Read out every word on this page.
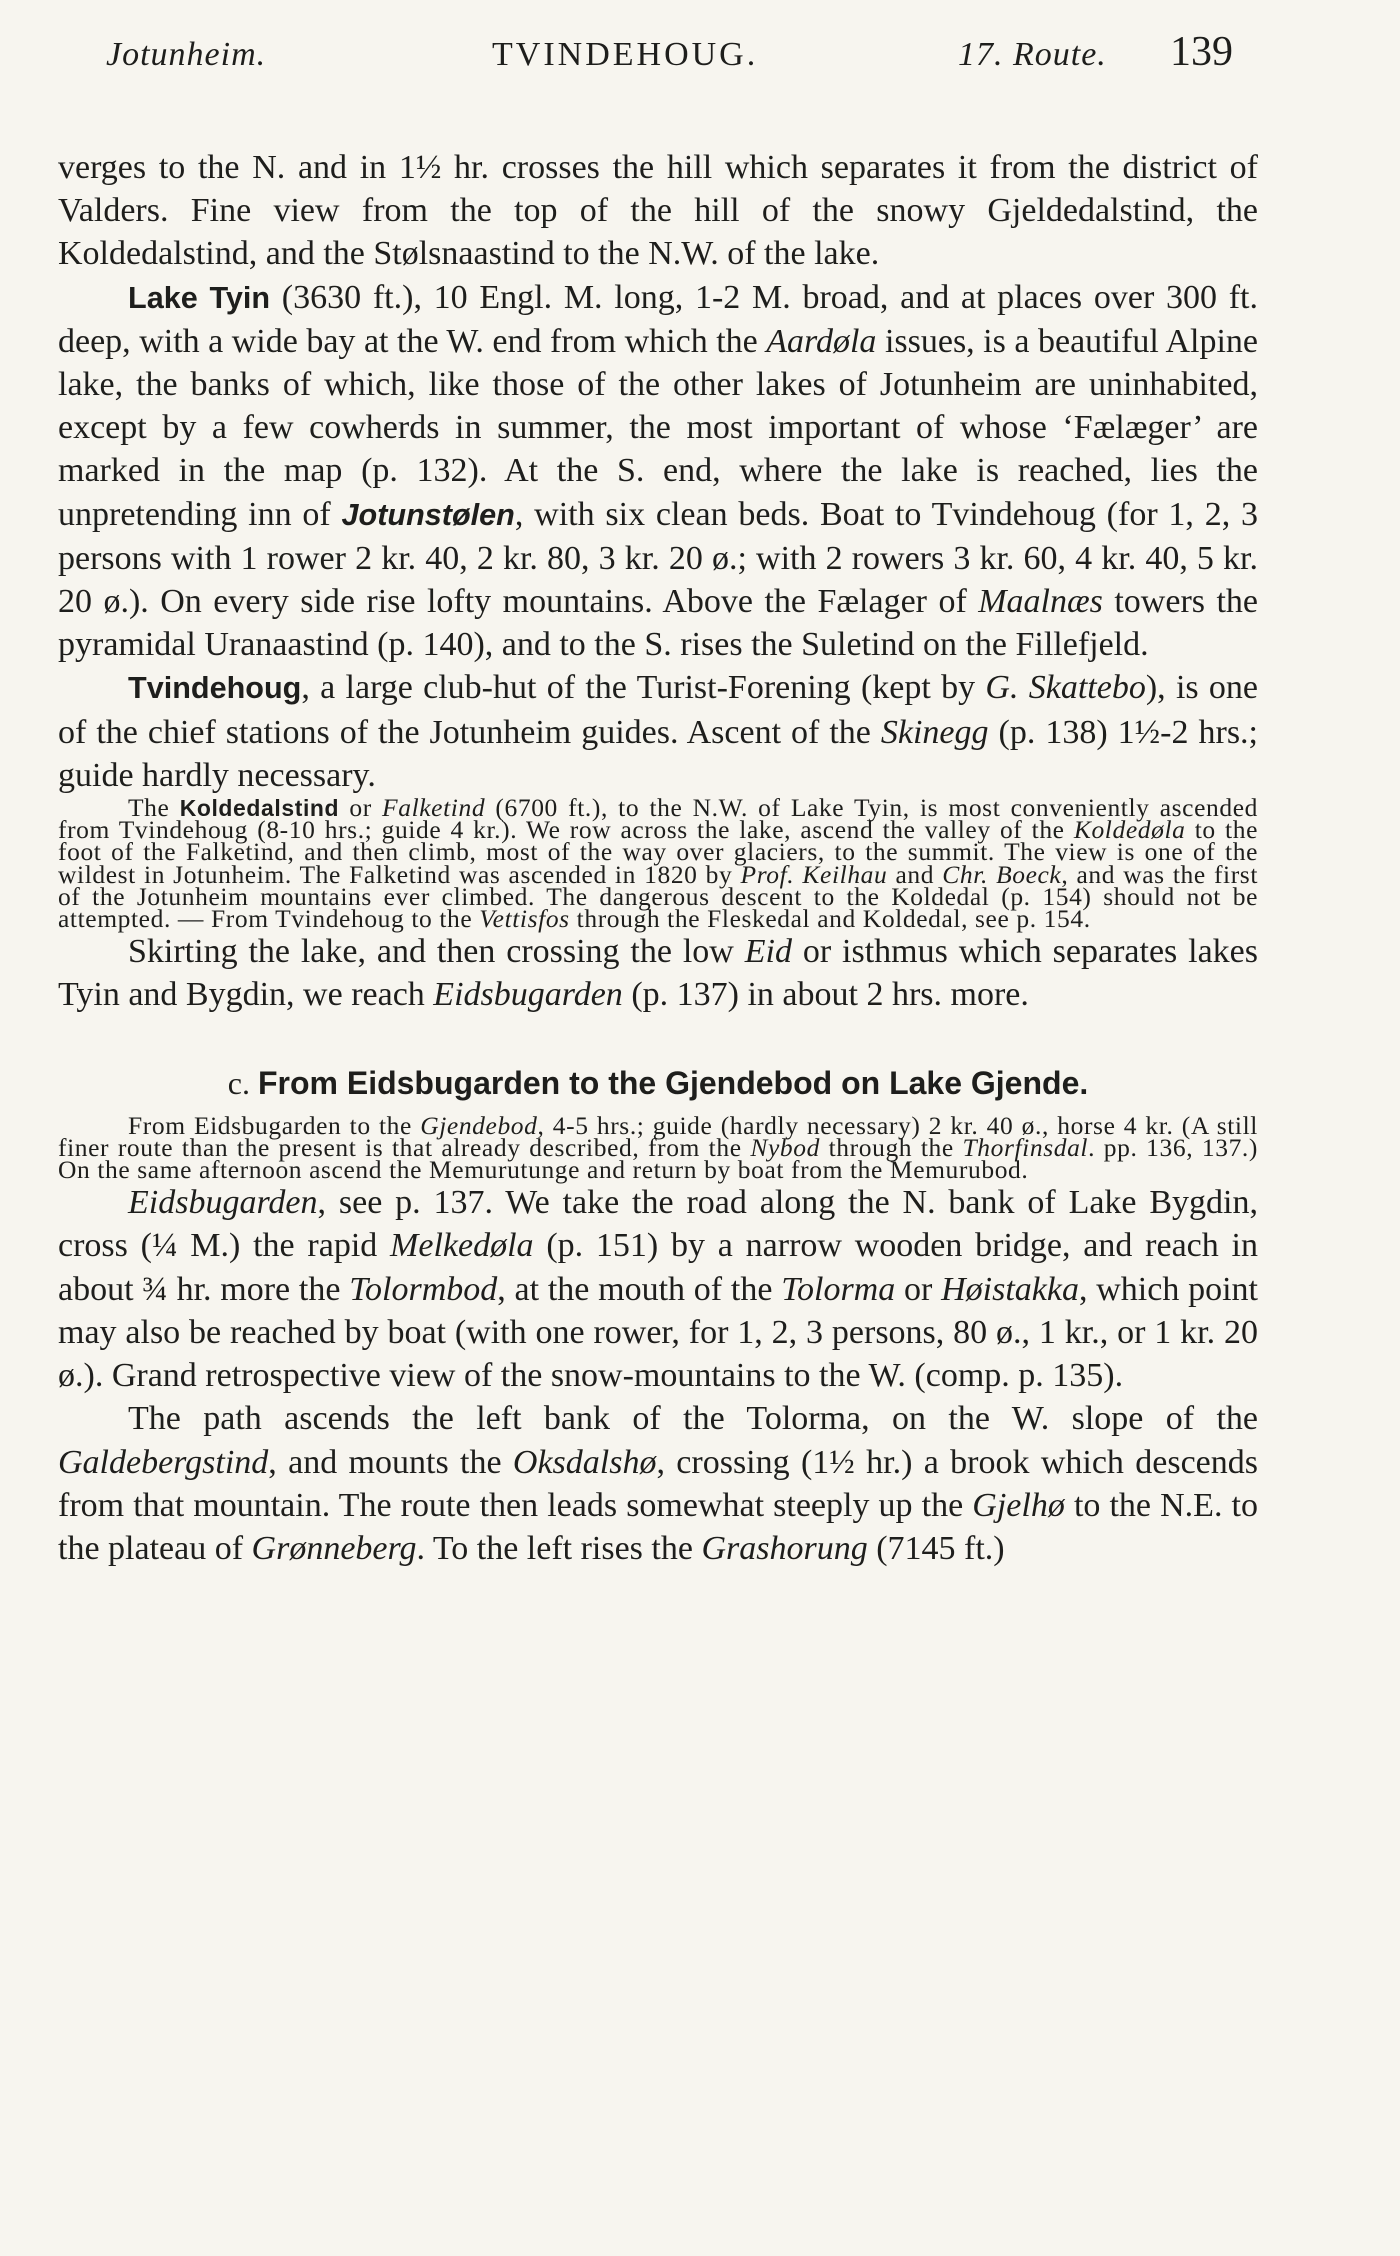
Jotunheim.	TVINDEHOUG.	17. Route. 139

verges to the N. and in 1½ hr. crosses the hill which separates it from the district of Valders. Fine view from the top of the hill of the snowy Gjeldedalstind, the Koldedalstind, and the Stølsnaastind to the N.W. of the lake.

Lake Tyin (3630 ft.), 10 Engl. M. long, 1-2 M. broad, and at places over 300 ft. deep, with a wide bay at the W. end from which the Aardøla issues, is a beautiful Alpine lake, the banks of which, like those of the other lakes of Jotunheim are uninhabited, except by a few cowherds in summer, the most important of whose ‘Fælæger’ are marked in the map (p. 132). At the S. end, where the lake is reached, lies the unpretending inn of Jotunstølen, with six clean beds. Boat to Tvindehoug (for 1, 2, 3 persons with 1 rower 2 kr. 40, 2 kr. 80, 3 kr. 20 ø.; with 2 rowers 3 kr. 60, 4 kr. 40, 5 kr. 20 ø.). On every side rise lofty mountains. Above the Fælager of Maalnæs towers the pyramidal Uranaastind (p. 140), and to the S. rises the Suletind on the Fillefjeld.

Tvindehoug, a large club-hut of the Turist-Forening (kept by G. Skattebo), is one of the chief stations of the Jotunheim guides. Ascent of the Skinegg (p. 138) 1½-2 hrs.; guide hardly necessary.

The Koldedalstind or Falketind (6700 ft.), to the N.W. of Lake Tyin, is most conveniently ascended from Tvindehoug (8-10 hrs.; guide 4 kr.). We row across the lake, ascend the valley of the Koldedøla to the foot of the Falketind, and then climb, most of the way over glaciers, to the summit. The view is one of the wildest in Jotunheim. The Falketind was ascended in 1820 by Prof. Keilhau and Chr. Boeck, and was the first of the Jotunheim mountains ever climbed. The dangerous descent to the Koldedal (p. 154) should not be attempted. — From Tvindehoug to the Vettisfos through the Fleskedal and Koldedal, see p. 154.

Skirting the lake, and then crossing the low Eid or isthmus which separates lakes Tyin and Bygdin, we reach Eidsbugarden (p. 137) in about 2 hrs. more.

c. From Eidsbugarden to the Gjendebod on Lake Gjende.

From Eidsbugarden to the Gjendebod, 4-5 hrs.; guide (hardly necessary) 2 kr. 40 ø., horse 4 kr. (A still finer route than the present is that already described, from the Nybod through the Thorfinsdal. pp. 136, 137.) On the same afternoon ascend the Memurutunge and return by boat from the Memurubod.

Eidsbugarden, see p. 137. We take the road along the N. bank of Lake Bygdin, cross (¼ M.) the rapid Melkedøla (p. 151) by a narrow wooden bridge, and reach in about ¾ hr. more the Tolormbod, at the mouth of the Tolorma or Høistakka, which point may also be reached by boat (with one rower, for 1, 2, 3 persons, 80 ø., 1 kr., or 1 kr. 20 ø.). Grand retrospective view of the snow-mountains to the W. (comp. p. 135).

The path ascends the left bank of the Tolorma, on the W. slope of the Galdebergstind, and mounts the Oksdalshø, crossing (1½ hr.) a brook which descends from that mountain. The route then leads somewhat steeply up the Gjelhø to the N.E. to the plateau of Grønneberg. To the left rises the Grashorung (7145 ft.)
